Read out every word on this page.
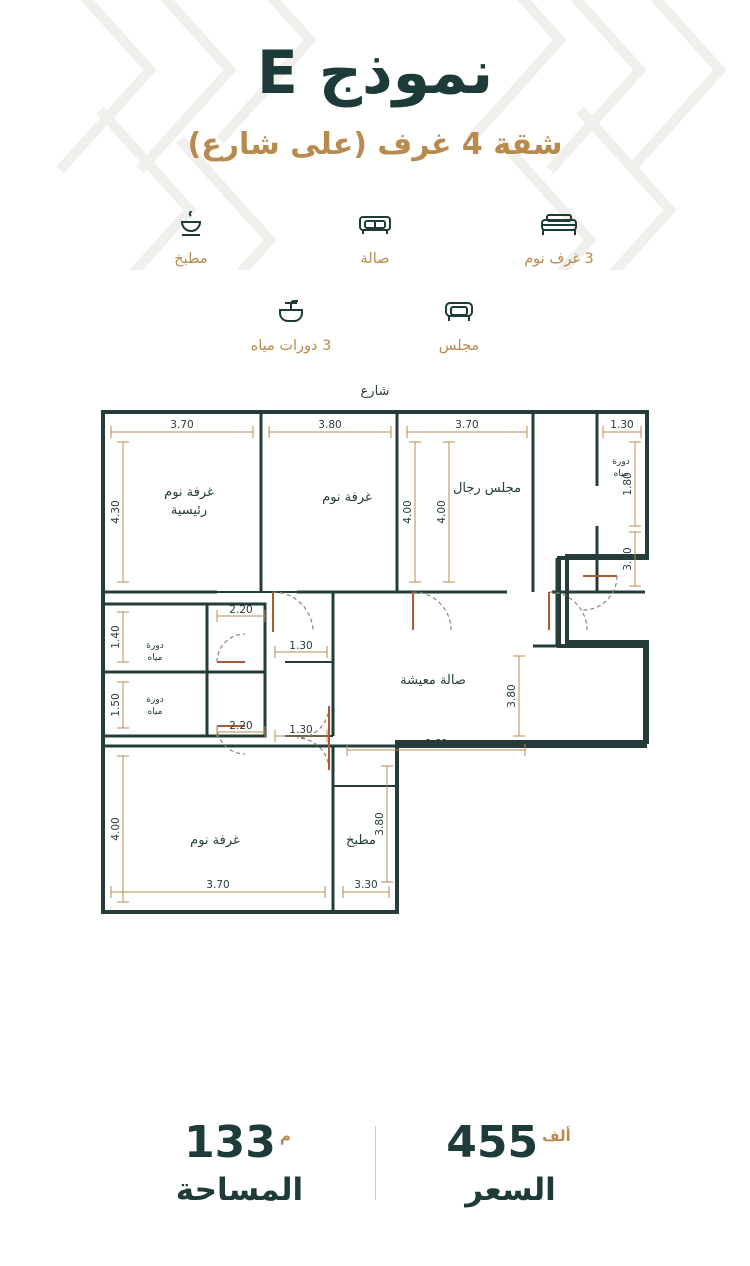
نموذج E
شقة 4 غرف (على شارع)
3 غرف نوم
صالة
مطبخ
مجلس
3 دورات مياه
شارع
غرفة نوم
رئيسية
غرفة نوم
مجلس رجال
دورة
مياه
دورة
مياه
دورة
مياه
صالة معيشة
غرفة نوم	مطبخ
3.70	3.80	3.70	1.30
3.70	3.30
2.20
2.20
1.30
1.30
6.60
4.30
1.40
1.50
4.00
4.00 4.00
1.80
3.00
3.80
3.80
ألف455
السعر
م133
المساحة
